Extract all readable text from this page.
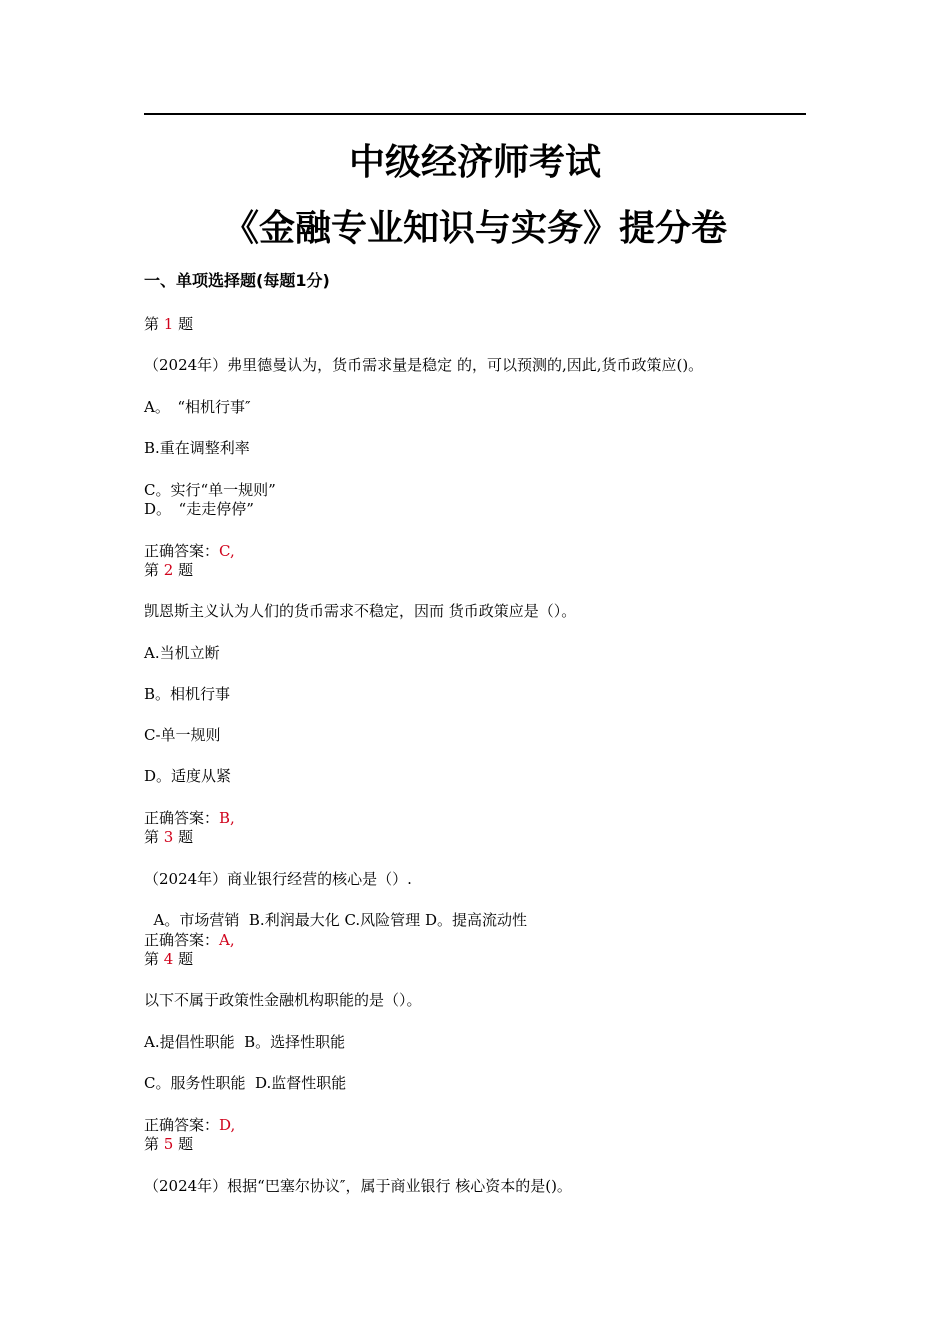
中级经济师考试
《金融专业知识与实务》提分卷
一、单项选择题(每题1分)
第 1 题
（2024年）弗里德曼认为，货币需求量是稳定 的，可以预测的,因此,货币政策应()。
A。　“相机行事″
B.重在调整利率
C。实行“单一规则”
D。　“走走停停”
正确答案：C,
第 2 题
凯恩斯主义认为人们的货币需求不稳定，因而 货币政策应是（）。
A.当机立断
B。相机行事
C-单一规则
D。适度从紧
正确答案：B,
第 3 题
（2024年）商业银行经营的核心是（）.
A。市场营销  B.利润最大化 C.风险管理 D。提高流动性
正确答案：A,
第 4 题
以下不属于政策性金融机构职能的是（）。
A.提倡性职能  B。选择性职能
C。服务性职能  D.监督性职能
正确答案：D,
第 5 题
（2024年）根据“巴塞尔协议″，属于商业银行 核心资本的是()。
